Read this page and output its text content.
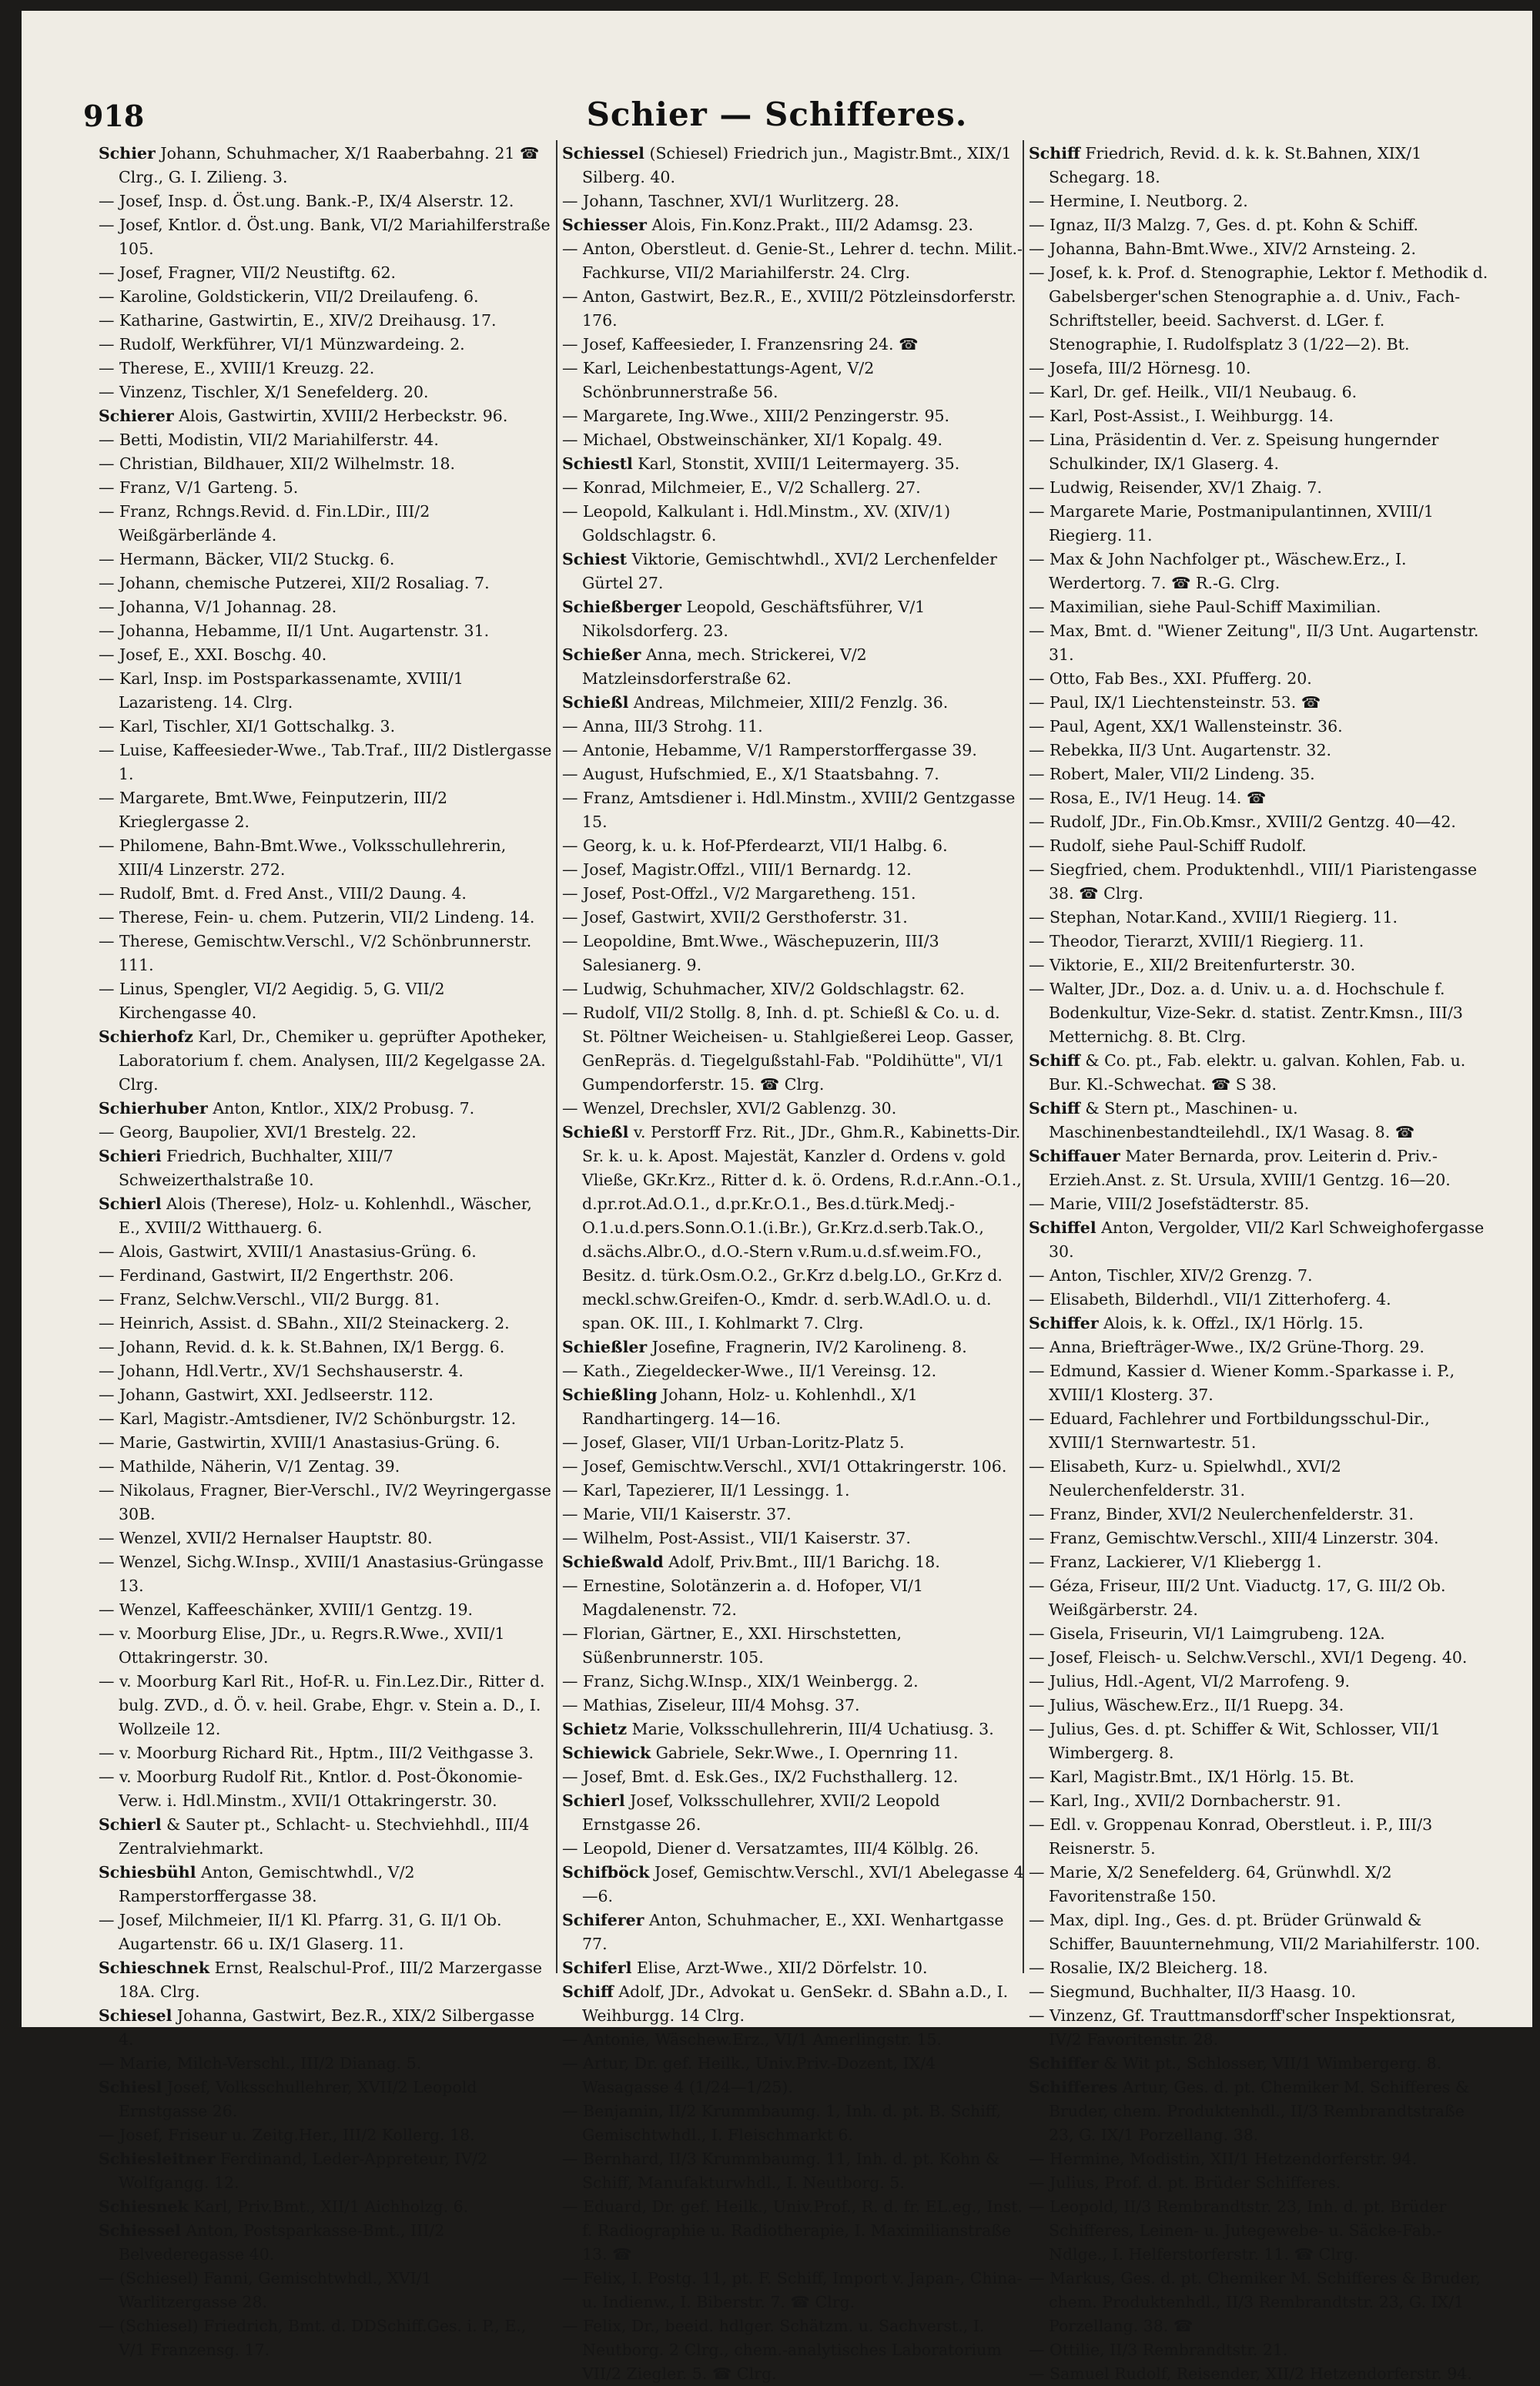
918	Schier — Schifferes.
Schier Johann, Schuhmacher, X/1 Raaberbahng. 21 ☎ Clrg., G. I. Zilieng. 3.
— Josef, Insp. d. Öst.ung. Bank.-P., IX/4 Alserstr. 12.
— Josef, Kntlor. d. Öst.ung. Bank, VI/2 Mariahilferstraße 105.
— Josef, Fragner, VII/2 Neustiftg. 62.
— Karoline, Goldstickerin, VII/2 Dreilaufeng. 6.
— Katharine, Gastwirtin, E., XIV/2 Dreihausg. 17.
— Rudolf, Werkführer, VI/1 Münzwardeing. 2.
— Therese, E., XVIII/1 Kreuzg. 22.
— Vinzenz, Tischler, X/1 Senefelderg. 20.
Schierer Alois, Gastwirtin, XVIII/2 Herbeckstr. 96.
— Betti, Modistin, VII/2 Mariahilferstr. 44.
— Christian, Bildhauer, XII/2 Wilhelmstr. 18.
— Franz, V/1 Garteng. 5.
— Franz, Rchngs.Revid. d. Fin.LDir., III/2 Weißgärberlände 4.
— Hermann, Bäcker, VII/2 Stuckg. 6.
— Johann, chemische Putzerei, XII/2 Rosaliag. 7.
— Johanna, V/1 Johannag. 28.
— Johanna, Hebamme, II/1 Unt. Augartenstr. 31.
— Josef, E., XXI. Boschg. 40.
— Karl, Insp. im Postsparkassenamte, XVIII/1 Lazaristeng. 14. Clrg.
— Karl, Tischler, XI/1 Gottschalkg. 3.
— Luise, Kaffeesieder-Wwe., Tab.Traf., III/2 Distlergasse 1.
— Margarete, Bmt.Wwe, Feinputzerin, III/2 Krieglergasse 2.
— Philomene, Bahn-Bmt.Wwe., Volksschullehrerin, XIII/4 Linzerstr. 272.
— Rudolf, Bmt. d. Fred Anst., VIII/2 Daung. 4.
— Therese, Fein- u. chem. Putzerin, VII/2 Lindeng. 14.
— Therese, Gemischtw.Verschl., V/2 Schönbrunnerstr. 111.
— Linus, Spengler, VI/2 Aegidig. 5, G. VII/2 Kirchengasse 40.
Schierhofz Karl, Dr., Chemiker u. geprüfter Apotheker, Laboratorium f. chem. Analysen, III/2 Kegelgasse 2A. Clrg.
Schierhuber Anton, Kntlor., XIX/2 Probusg. 7.
— Georg, Baupolier, XVI/1 Brestelg. 22.
Schieri Friedrich, Buchhalter, XIII/7 Schweizerthalstraße 10.
Schierl Alois (Therese), Holz- u. Kohlenhdl., Wäscher, E., XVIII/2 Witthauerg. 6.
— Alois, Gastwirt, XVIII/1 Anastasius-Grüng. 6.
— Ferdinand, Gastwirt, II/2 Engerthstr. 206.
— Franz, Selchw.Verschl., VII/2 Burgg. 81.
— Heinrich, Assist. d. SBahn., XII/2 Steinackerg. 2.
— Johann, Revid. d. k. k. St.Bahnen, IX/1 Bergg. 6.
— Johann, Hdl.Vertr., XV/1 Sechshauserstr. 4.
— Johann, Gastwirt, XXI. Jedlseerstr. 112.
— Karl, Magistr.-Amtsdiener, IV/2 Schönburgstr. 12.
— Marie, Gastwirtin, XVIII/1 Anastasius-Grüng. 6.
— Mathilde, Näherin, V/1 Zentag. 39.
— Nikolaus, Fragner, Bier-Verschl., IV/2 Weyringergasse 30B.
— Wenzel, XVII/2 Hernalser Hauptstr. 80.
— Wenzel, Sichg.W.Insp., XVIII/1 Anastasius-Grüngasse 13.
— Wenzel, Kaffeeschänker, XVIII/1 Gentzg. 19.
— v. Moorburg Elise, JDr., u. Regrs.R.Wwe., XVII/1 Ottakringerstr. 30.
— v. Moorburg Karl Rit., Hof-R. u. Fin.Lez.Dir., Ritter d. bulg. ZVD., d. Ö. v. heil. Grabe, Ehgr. v. Stein a. D., I. Wollzeile 12.
— v. Moorburg Richard Rit., Hptm., III/2 Veithgasse 3.
— v. Moorburg Rudolf Rit., Kntlor. d. Post-Ökonomie-Verw. i. Hdl.Minstm., XVII/1 Ottakringerstr. 30.
Schierl & Sauter pt., Schlacht- u. Stechviehhdl., III/4 Zentralviehmarkt.
Schiesbühl Anton, Gemischtwhdl., V/2 Ramperstorffergasse 38.
— Josef, Milchmeier, II/1 Kl. Pfarrg. 31, G. II/1 Ob. Augartenstr. 66 u. IX/1 Glaserg. 11.
Schieschnek Ernst, Realschul-Prof., III/2 Marzergasse 18A. Clrg.
Schiesel Johanna, Gastwirt, Bez.R., XIX/2 Silbergasse 4.
— Marie, Milch-Verschl., III/2 Dianag. 5.
Schiesl Josef, Volksschullehrer, XVII/2 Leopold Ernstgasse 26.
— Josef, Friseur u. Zeitg.Her., III/2 Kollerg. 18.
Schiesleitner Ferdinand, Leder-Appreteur, IV/2 Wolfgangg. 12.
Schiesnek Karl, Priv.Bmt., XII/1 Aichholzg. 6.
Schiessel Anton, Postsparkasse-Bmt., III/2 Belvederegasse 40.
— (Schiesel) Fanni, Gemischtwhdl., XVI/1 Warlitzergasse 28.
— (Schiesel) Friedrich, Bmt. d. DDSchiff.Ges. i. P., E., V/1 Franzensg. 17.
Schiessel (Schiesel) Friedrich jun., Magistr.Bmt., XIX/1 Silberg. 40.
— Johann, Taschner, XVI/1 Wurlitzerg. 28.
Schiesser Alois, Fin.Konz.Prakt., III/2 Adamsg. 23.
— Anton, Oberstleut. d. Genie-St., Lehrer d. techn. Milit.-Fachkurse, VII/2 Mariahilferstr. 24. Clrg.
— Anton, Gastwirt, Bez.R., E., XVIII/2 Pötzleinsdorferstr. 176.
— Josef, Kaffeesieder, I. Franzensring 24. ☎
— Karl, Leichenbestattungs-Agent, V/2 Schönbrunnerstraße 56.
— Margarete, Ing.Wwe., XIII/2 Penzingerstr. 95.
— Michael, Obstweinschänker, XI/1 Kopalg. 49.
Schiestl Karl, Stonstit, XVIII/1 Leitermayerg. 35.
— Konrad, Milchmeier, E., V/2 Schallerg. 27.
— Leopold, Kalkulant i. Hdl.Minstm., XV. (XIV/1) Goldschlagstr. 6.
Schiest Viktorie, Gemischtwhdl., XVI/2 Lerchenfelder Gürtel 27.
Schießberger Leopold, Geschäftsführer, V/1 Nikolsdorferg. 23.
Schießer Anna, mech. Strickerei, V/2 Matzleinsdorferstraße 62.
Schießl Andreas, Milchmeier, XIII/2 Fenzlg. 36.
— Anna, III/3 Strohg. 11.
— Antonie, Hebamme, V/1 Ramperstorffergasse 39.
— August, Hufschmied, E., X/1 Staatsbahng. 7.
— Franz, Amtsdiener i. Hdl.Minstm., XVIII/2 Gentzgasse 15.
— Georg, k. u. k. Hof-Pferdearzt, VII/1 Halbg. 6.
— Josef, Magistr.Offzl., VIII/1 Bernardg. 12.
— Josef, Post-Offzl., V/2 Margaretheng. 151.
— Josef, Gastwirt, XVII/2 Gersthoferstr. 31.
— Leopoldine, Bmt.Wwe., Wäschepuzerin, III/3 Salesianerg. 9.
— Ludwig, Schuhmacher, XIV/2 Goldschlagstr. 62.
— Rudolf, VII/2 Stollg. 8, Inh. d. pt. Schießl & Co. u. d. St. Pöltner Weicheisen- u. Stahlgießerei Leop. Gasser, GenRepräs. d. Tiegelgußstahl-Fab. "Poldihütte", VI/1 Gumpendorferstr. 15. ☎ Clrg.
— Wenzel, Drechsler, XVI/2 Gablenzg. 30.
Schießl v. Perstorff Frz. Rit., JDr., Ghm.R., Kabinetts-Dir. Sr. k. u. k. Apost. Majestät, Kanzler d. Ordens v. gold Vließe, GKr.Krz., Ritter d. k. ö. Ordens, R.d.r.Ann.-O.1., d.pr.rot.Ad.O.1., d.pr.Kr.O.1., Bes.d.türk.Medj.-O.1.u.d.pers.Sonn.O.1.(i.Br.), Gr.Krz.d.serb.Tak.O., d.sächs.Albr.O., d.O.-Stern v.Rum.u.d.sf.weim.FO., Besitz. d. türk.Osm.O.2., Gr.Krz d.belg.LO., Gr.Krz d. meckl.schw.Greifen-O., Kmdr. d. serb.W.Adl.O. u. d. span. OK. III., I. Kohlmarkt 7. Clrg.
Schießler Josefine, Fragnerin, IV/2 Karolineng. 8.
— Kath., Ziegeldecker-Wwe., II/1 Vereinsg. 12.
Schießling Johann, Holz- u. Kohlenhdl., X/1 Randhartingerg. 14—16.
— Josef, Glaser, VII/1 Urban-Loritz-Platz 5.
— Josef, Gemischtw.Verschl., XVI/1 Ottakringerstr. 106.
— Karl, Tapezierer, II/1 Lessingg. 1.
— Marie, VII/1 Kaiserstr. 37.
— Wilhelm, Post-Assist., VII/1 Kaiserstr. 37.
Schießwald Adolf, Priv.Bmt., III/1 Barichg. 18.
— Ernestine, Solotänzerin a. d. Hofoper, VI/1 Magdalenenstr. 72.
— Florian, Gärtner, E., XXI. Hirschstetten, Süßenbrunnerstr. 105.
— Franz, Sichg.W.Insp., XIX/1 Weinbergg. 2.
— Mathias, Ziseleur, III/4 Mohsg. 37.
Schietz Marie, Volksschullehrerin, III/4 Uchatiusg. 3.
Schiewick Gabriele, Sekr.Wwe., I. Opernring 11.
— Josef, Bmt. d. Esk.Ges., IX/2 Fuchsthallerg. 12.
Schierl Josef, Volksschullehrer, XVII/2 Leopold Ernstgasse 26.
— Leopold, Diener d. Versatzamtes, III/4 Kölblg. 26.
Schifböck Josef, Gemischtw.Verschl., XVI/1 Abelegasse 4—6.
Schiferer Anton, Schuhmacher, E., XXI. Wenhartgasse 77.
Schiferl Elise, Arzt-Wwe., XII/2 Dörfelstr. 10.
Schiff Adolf, JDr., Advokat u. GenSekr. d. SBahn a.D., I. Weihburgg. 14 Clrg.
— Antonie, Wäschew.Erz., VI/1 Amerlingstr. 15.
— Artur, Dr. gef. Heilk., Univ.Priv.-Dozent, IX/4 Wasagasse 4 (1/24—1/25).
— Benjamin, II/2 Krummbaumg. 1, Inh. d. pt. B. Schiff, Gemischtwhdl., I. Fleischmarkt 6.
— Bernhard, II/3 Krummbaumg. 11, Inh. d. pt. Kohn & Schiff, Manufakturwhdl., I. Neutborg. 5.
— Eduard, Dr. gef. Heilk., Univ.Prof., R. d. fr. EL.eg., Inst. f. Radiographie u. Radiotherapie, I. Maximilianstraße 13. ☎
— Felix, I. Postg. 11, pt. F. Schiff, Import v. Japan-, China- u. Indienw., I. Biberstr. 7. ☎ Clrg.
— Felix, Dr., beeid. hdlger. Schätzm. u. Sachverst., I. Neutborg. 2 Clrg., chem.-analytisches Laboratorium VII/2 Ziegler. 5. ☎ Clrg.
Schiff Friedrich, Revid. d. k. k. St.Bahnen, XIX/1 Schegarg. 18.
— Hermine, I. Neutborg. 2.
— Ignaz, II/3 Malzg. 7, Ges. d. pt. Kohn & Schiff.
— Johanna, Bahn-Bmt.Wwe., XIV/2 Arnsteing. 2.
— Josef, k. k. Prof. d. Stenographie, Lektor f. Methodik d. Gabelsberger'schen Stenographie a. d. Univ., Fach-Schriftsteller, beeid. Sachverst. d. LGer. f. Stenographie, I. Rudolfsplatz 3 (1/22—2). Bt.
— Josefa, III/2 Hörnesg. 10.
— Karl, Dr. gef. Heilk., VII/1 Neubaug. 6.
— Karl, Post-Assist., I. Weihburgg. 14.
— Lina, Präsidentin d. Ver. z. Speisung hungernder Schulkinder, IX/1 Glaserg. 4.
— Ludwig, Reisender, XV/1 Zhaig. 7.
— Margarete Marie, Postmanipulantinnen, XVIII/1 Riegierg. 11.
— Max & John Nachfolger pt., Wäschew.Erz., I. Werdertorg. 7. ☎ R.-G. Clrg.
— Maximilian, siehe Paul-Schiff Maximilian.
— Max, Bmt. d. "Wiener Zeitung", II/3 Unt. Augartenstr. 31.
— Otto, Fab Bes., XXI. Pfufferg. 20.
— Paul, IX/1 Liechtensteinstr. 53. ☎
— Paul, Agent, XX/1 Wallensteinstr. 36.
— Rebekka, II/3 Unt. Augartenstr. 32.
— Robert, Maler, VII/2 Lindeng. 35.
— Rosa, E., IV/1 Heug. 14. ☎
— Rudolf, JDr., Fin.Ob.Kmsr., XVIII/2 Gentzg. 40—42.
— Rudolf, siehe Paul-Schiff Rudolf.
— Siegfried, chem. Produktenhdl., VIII/1 Piaristengasse 38. ☎ Clrg.
— Stephan, Notar.Kand., XVIII/1 Riegierg. 11.
— Theodor, Tierarzt, XVIII/1 Riegierg. 11.
— Viktorie, E., XII/2 Breitenfurterstr. 30.
— Walter, JDr., Doz. a. d. Univ. u. a. d. Hochschule f. Bodenkultur, Vize-Sekr. d. statist. Zentr.Kmsn., III/3 Metternichg. 8. Bt. Clrg.
Schiff & Co. pt., Fab. elektr. u. galvan. Kohlen, Fab. u. Bur. Kl.-Schwechat. ☎ S 38.
Schiff & Stern pt., Maschinen- u. Maschinenbestandteilehdl., IX/1 Wasag. 8. ☎
Schiffauer Mater Bernarda, prov. Leiterin d. Priv.-Erzieh.Anst. z. St. Ursula, XVIII/1 Gentzg. 16—20.
— Marie, VIII/2 Josefstädterstr. 85.
Schiffel Anton, Vergolder, VII/2 Karl Schweighofergasse 30.
— Anton, Tischler, XIV/2 Grenzg. 7.
— Elisabeth, Bilderhdl., VII/1 Zitterhoferg. 4.
Schiffer Alois, k. k. Offzl., IX/1 Hörlg. 15.
— Anna, Briefträger-Wwe., IX/2 Grüne-Thorg. 29.
— Edmund, Kassier d. Wiener Komm.-Sparkasse i. P., XVIII/1 Klosterg. 37.
— Eduard, Fachlehrer und Fortbildungsschul-Dir., XVIII/1 Sternwartestr. 51.
— Elisabeth, Kurz- u. Spielwhdl., XVI/2 Neulerchenfelderstr. 31.
— Franz, Binder, XVI/2 Neulerchenfelderstr. 31.
— Franz, Gemischtw.Verschl., XIII/4 Linzerstr. 304.
— Franz, Lackierer, V/1 Kliebergg 1.
— Géza, Friseur, III/2 Unt. Viaductg. 17, G. III/2 Ob. Weißgärberstr. 24.
— Gisela, Friseurin, VI/1 Laimgrubeng. 12A.
— Josef, Fleisch- u. Selchw.Verschl., XVI/1 Degeng. 40.
— Julius, Hdl.-Agent, VI/2 Marrofeng. 9.
— Julius, Wäschew.Erz., II/1 Ruepg. 34.
— Julius, Ges. d. pt. Schiffer & Wit, Schlosser, VII/1 Wimbergerg. 8.
— Karl, Magistr.Bmt., IX/1 Hörlg. 15. Bt.
— Karl, Ing., XVII/2 Dornbacherstr. 91.
— Edl. v. Groppenau Konrad, Oberstleut. i. P., III/3 Reisnerstr. 5.
— Marie, X/2 Senefelderg. 64, Grünwhdl. X/2 Favoritenstraße 150.
— Max, dipl. Ing., Ges. d. pt. Brüder Grünwald & Schiffer, Bauunternehmung, VII/2 Mariahilferstr. 100.
— Rosalie, IX/2 Bleicherg. 18.
— Siegmund, Buchhalter, II/3 Haasg. 10.
— Vinzenz, Gf. Trauttmansdorff'scher Inspektionsrat, IV/2 Favoritenstr. 28.
Schiffer & Wit pt., Schlosser, VII/1 Wimbergerg. 8.
Schifferes Artur, Ges. d. pt. Chemiker M. Schifferes & Bruder, chem. Produktenhdl., II/3 Rembrandtstraße 23, G. IX/1 Porzellang. 38.
— Hermine, Modistin, XII/1 Hetzendorferstr. 94.
— Julius, Prof. d. pt. Brüder Schifferes.
— Leopold, II/3 Rembrandtstr. 23, Inh. d. pt. Brüder Schifferes, Leinen- u. Jutegewebe- u. Säcke-Fab.-Ndlge., I. Helferstorferstr. 11. ☎ Clrg.
— Markus, Ges. d. pt. Chemiker M. Schifferes & Bruder, chem. Produktenhdl., II/3 Rembrandtstr. 23, G. IX/1 Porzellang. 38. ☎
— Ottilie, II/3 Rembrandtstr. 21.
— Samuel Rudolf, Reisender, XII/2 Hetzendorferstr. 94.
